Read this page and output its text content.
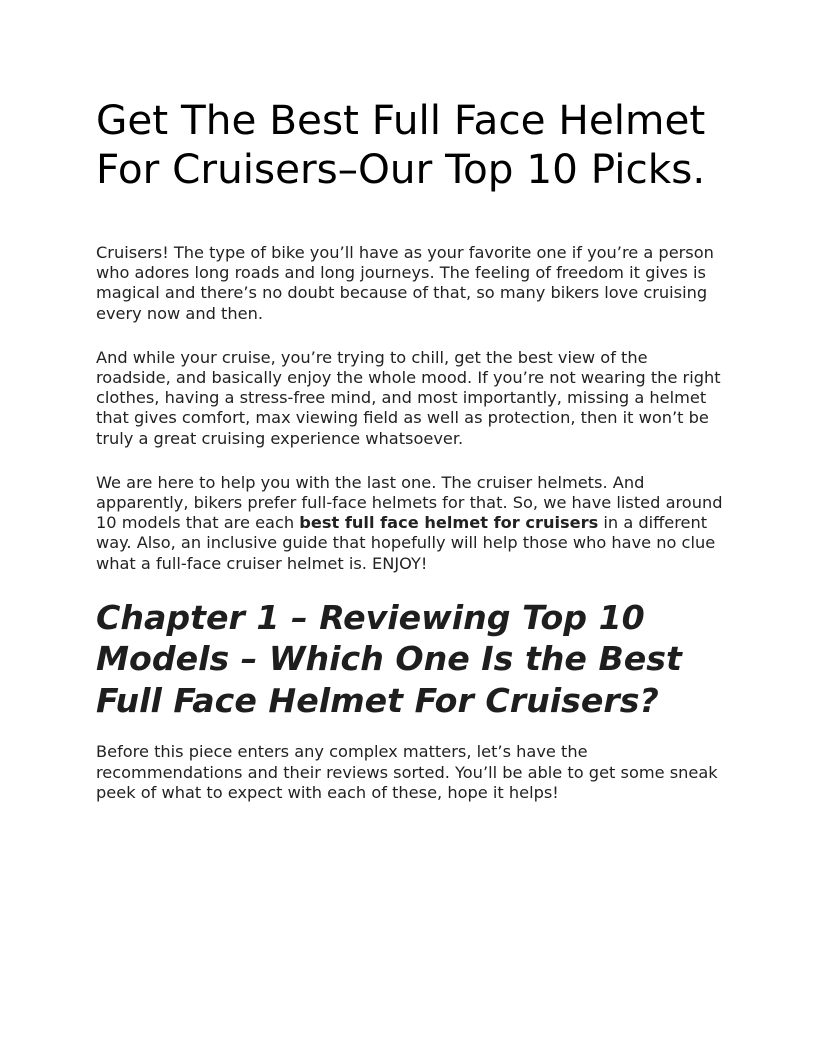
Get The Best Full Face Helmet For Cruisers–Our Top 10 Picks.

Cruisers! The type of bike you’ll have as your favorite one if you’re a person who adores long roads and long journeys. The feeling of freedom it gives is magical and there’s no doubt because of that, so many bikers love cruising every now and then.

And while your cruise, you’re trying to chill, get the best view of the roadside, and basically enjoy the whole mood. If you’re not wearing the right clothes, having a stress-free mind, and most importantly, missing a helmet that gives comfort, max viewing field as well as protection, then it won’t be truly a great cruising experience whatsoever.

We are here to help you with the last one. The cruiser helmets. And apparently, bikers prefer full-face helmets for that. So, we have listed around 10 models that are each best full face helmet for cruisers in a different way. Also, an inclusive guide that hopefully will help those who have no clue what a full-face cruiser helmet is. ENJOY!

Chapter 1 – Reviewing Top 10 Models – Which One Is the Best Full Face Helmet For Cruisers?

Before this piece enters any complex matters, let’s have the recommendations and their reviews sorted. You’ll be able to get some sneak peek of what to expect with each of these, hope it helps!
